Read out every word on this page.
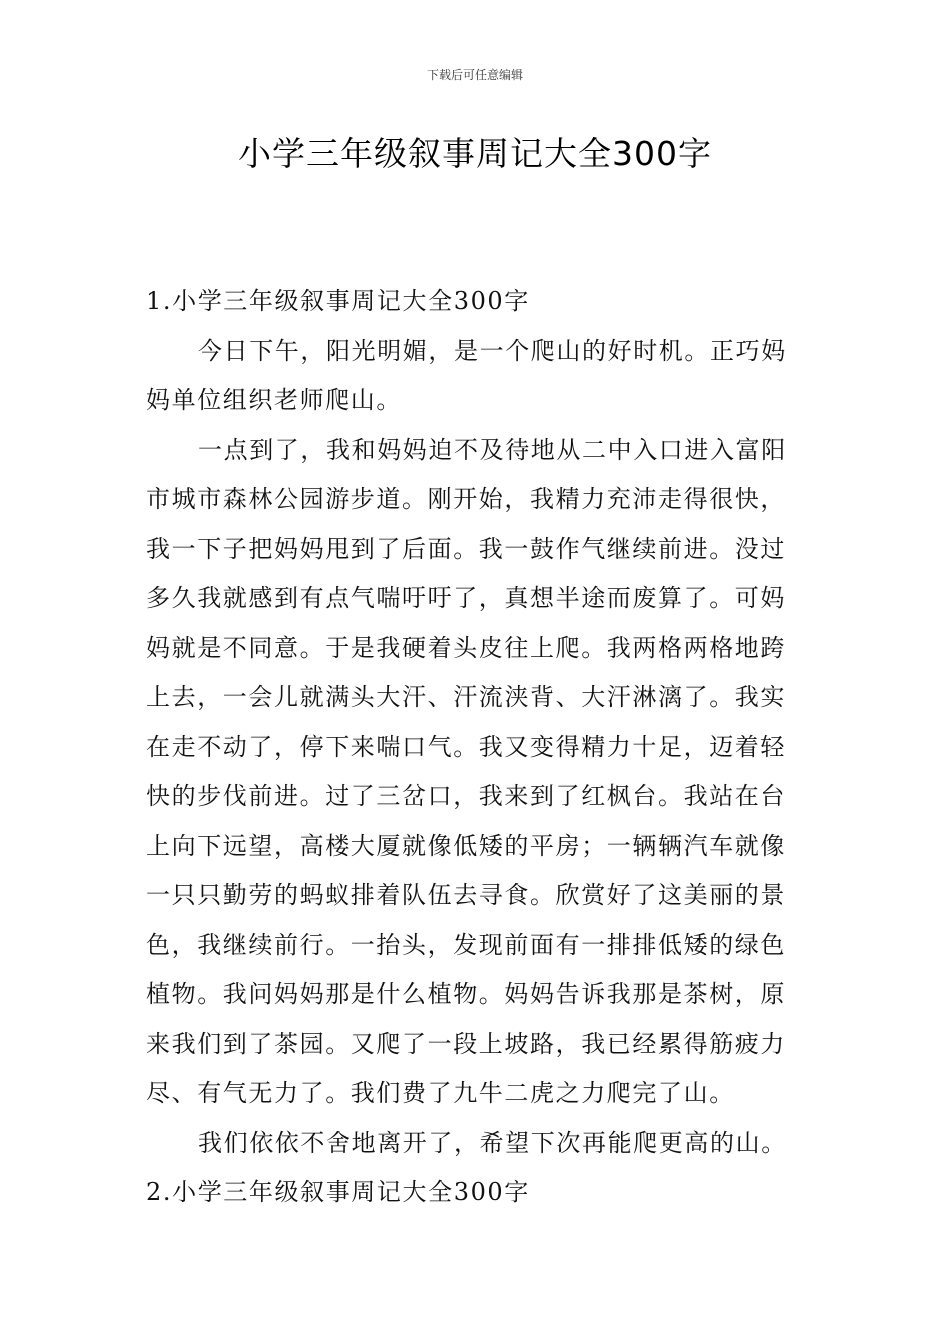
下载后可任意编辑
小学三年级叙事周记大全300字

1.小学三年级叙事周记大全300字

今日下午，阳光明媚，是一个爬山的好时机。正巧妈妈单位组织老师爬山。

一点到了，我和妈妈迫不及待地从二中入口进入富阳市城市森林公园游步道。刚开始，我精力充沛走得很快，我一下子把妈妈甩到了后面。我一鼓作气继续前进。没过多久我就感到有点气喘吁吁了，真想半途而废算了。可妈妈就是不同意。于是我硬着头皮往上爬。我两格两格地跨上去，一会儿就满头大汗、汗流浃背、大汗淋漓了。我实在走不动了，停下来喘口气。我又变得精力十足，迈着轻快的步伐前进。过了三岔口，我来到了红枫台。我站在台上向下远望，高楼大厦就像低矮的平房；一辆辆汽车就像一只只勤劳的蚂蚁排着队伍去寻食。欣赏好了这美丽的景色，我继续前行。一抬头，发现前面有一排排低矮的绿色植物。我问妈妈那是什么植物。妈妈告诉我那是茶树，原来我们到了茶园。又爬了一段上坡路，我已经累得筋疲力尽、有气无力了。我们费了九牛二虎之力爬完了山。

我们依依不舍地离开了，希望下次再能爬更高的山。

2.小学三年级叙事周记大全300字
